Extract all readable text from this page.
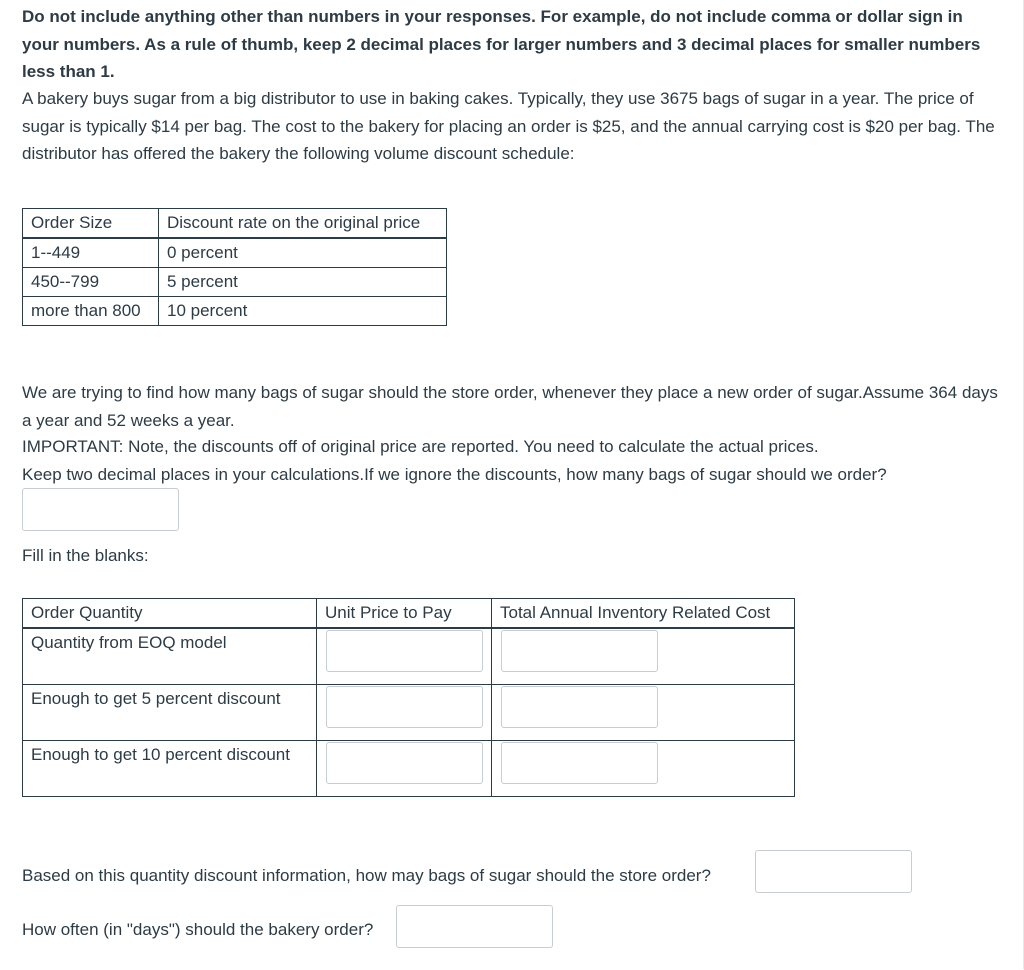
Do not include anything other than numbers in your responses. For example, do not include comma or dollar sign in your numbers. As a rule of thumb, keep 2 decimal places for larger numbers and 3 decimal places for smaller numbers less than 1.

A bakery buys sugar from a big distributor to use in baking cakes. Typically, they use 3675 bags of sugar in a year. The price of sugar is typically $14 per bag. The cost to the bakery for placing an order is $25, and the annual carrying cost is $20 per bag. The distributor has offered the bakery the following volume discount schedule:

Order Size	Discount rate on the original price
1--449	0 percent
450--799	5 percent
more than 800	10 percent

We are trying to find how many bags of sugar should the store order, whenever they place a new order of sugar.Assume 364 days a year and 52 weeks a year.

IMPORTANT: Note, the discounts off of original price are reported. You need to calculate the actual prices.

Keep two decimal places in your calculations.If we ignore the discounts, how many bags of sugar should we order?

Fill in the blanks:

Order Quantity	Unit Price to Pay	Total Annual Inventory Related Cost
Quantity from EOQ model	

Enough to get 5 percent discount	

Enough to get 10 percent discount	

Based on this quantity discount information, how may bags of sugar should the store order?

How often (in "days") should the bakery order?
